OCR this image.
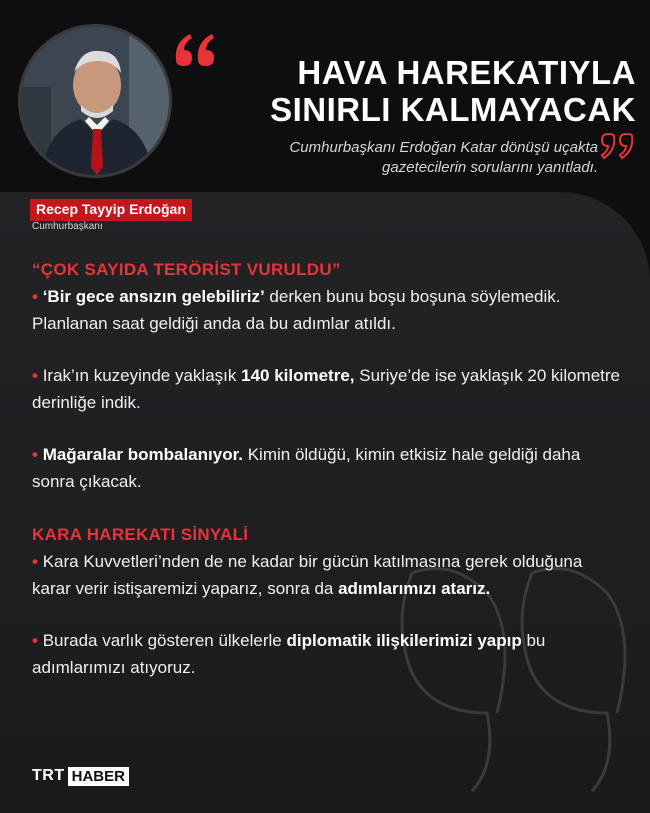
HAVA HAREKATIYLA
SINIRLI KALMAYACAK
Cumhurbaşkanı Erdoğan Katar dönüşü uçakta
gazetecilerin sorularını yanıtladı.
Recep Tayyip Erdoğan
Cumhurbaşkanı
“ÇOK SAYIDA TERÖRİST VURULDU”

• ‘Bir gece ansızın gelebiliriz’ derken bunu boşu boşuna söylemedik. Planlanan saat geldiği anda da bu adımlar atıldı.

• Irak’ın kuzeyinde yaklaşık 140 kilometre, Suriye’de ise yaklaşık 20 kilometre derinliğe indik.

• Mağaralar bombalanıyor. Kimin öldüğü, kimin etkisiz hale geldiği daha sonra çıkacak.

KARA HAREKATI SİNYALİ

• Kara Kuvvetleri’nden de ne kadar bir gücün katılmasına gerek olduğuna karar verir istişaremizi yaparız, sonra da adımlarımızı atarız.

• Burada varlık gösteren ülkelerle diplomatik ilişkilerimizi yapıp bu adımlarımızı atıyoruz.

TRT HABER
